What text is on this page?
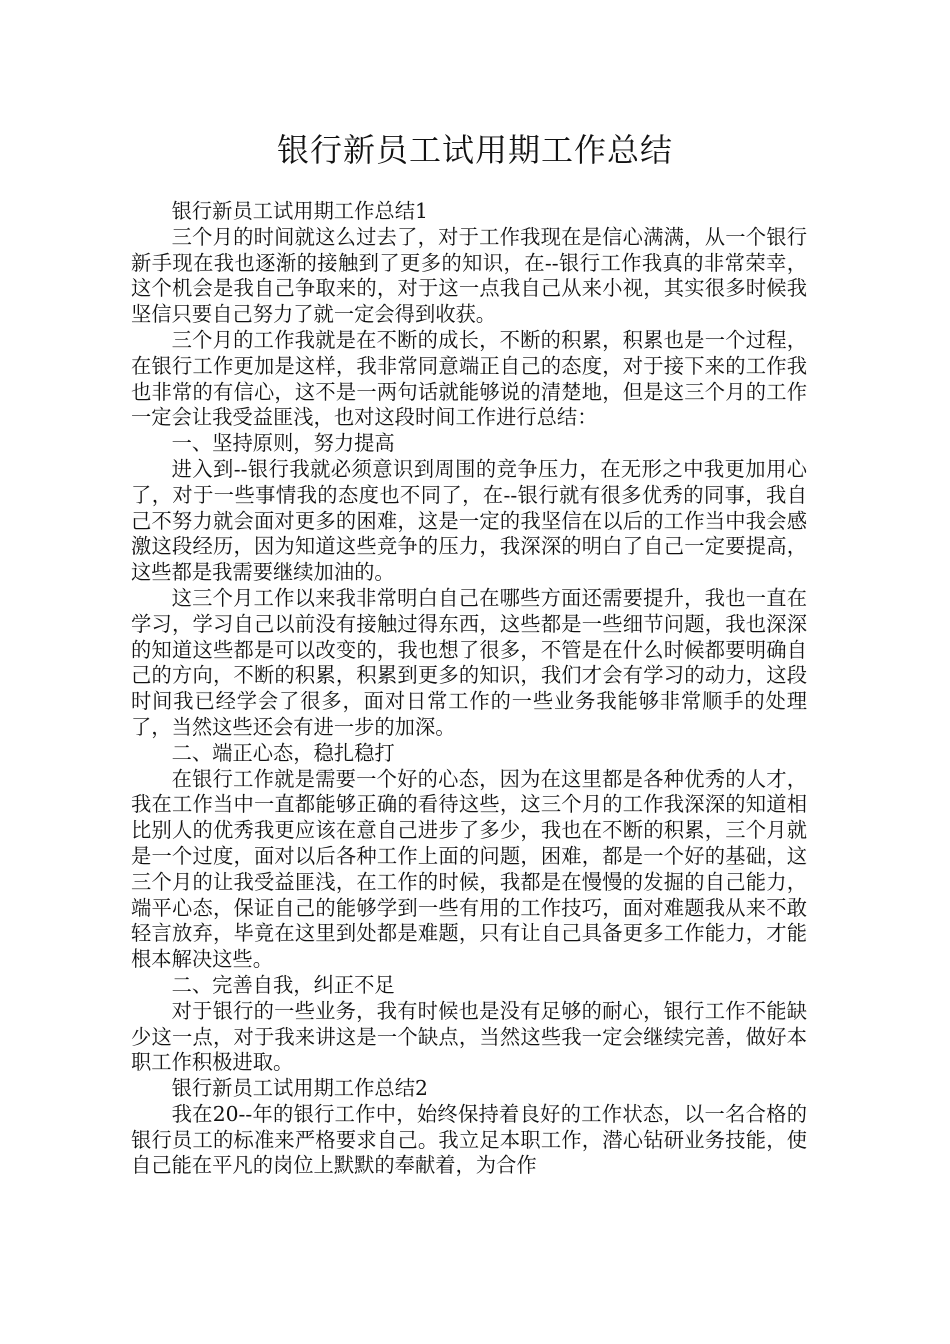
银行新员工试用期工作总结

银行新员工试用期工作总结1

三个月的时间就这么过去了，对于工作我现在是信心满满，从一个银行新手现在我也逐渐的接触到了更多的知识，在--银行工作我真的非常荣幸，这个机会是我自己争取来的，对于这一点我自己从来小视，其实很多时候我坚信只要自己努力了就一定会得到收获。

三个月的工作我就是在不断的成长，不断的积累，积累也是一个过程，在银行工作更加是这样，我非常同意端正自己的态度，对于接下来的工作我也非常的有信心，这不是一两句话就能够说的清楚地，但是这三个月的工作一定会让我受益匪浅，也对这段时间工作进行总结：

一、坚持原则，努力提高

进入到--银行我就必须意识到周围的竞争压力，在无形之中我更加用心了，对于一些事情我的态度也不同了，在--银行就有很多优秀的同事，我自己不努力就会面对更多的困难，这是一定的我坚信在以后的工作当中我会感激这段经历，因为知道这些竞争的压力，我深深的明白了自己一定要提高，这些都是我需要继续加油的。

这三个月工作以来我非常明白自己在哪些方面还需要提升，我也一直在学习，学习自己以前没有接触过得东西，这些都是一些细节问题，我也深深的知道这些都是可以改变的，我也想了很多，不管是在什么时候都要明确自己的方向，不断的积累，积累到更多的知识，我们才会有学习的动力，这段时间我已经学会了很多，面对日常工作的一些业务我能够非常顺手的处理了，当然这些还会有进一步的加深。

二、端正心态，稳扎稳打

在银行工作就是需要一个好的心态，因为在这里都是各种优秀的人才，我在工作当中一直都能够正确的看待这些，这三个月的工作我深深的知道相比别人的优秀我更应该在意自己进步了多少，我也在不断的积累，三个月就是一个过度，面对以后各种工作上面的问题，困难，都是一个好的基础，这三个月的让我受益匪浅，在工作的时候，我都是在慢慢的发掘的自己能力，端平心态，保证自己的能够学到一些有用的工作技巧，面对难题我从来不敢轻言放弃，毕竟在这里到处都是难题，只有让自己具备更多工作能力，才能根本解决这些。

二、完善自我，纠正不足

对于银行的一些业务，我有时候也是没有足够的耐心，银行工作不能缺少这一点，对于我来讲这是一个缺点，当然这些我一定会继续完善，做好本职工作积极进取。

银行新员工试用期工作总结2

我在20--年的银行工作中，始终保持着良好的工作状态，以一名合格的银行员工的标准来严格要求自己。我立足本职工作，潜心钻研业务技能，使自己能在平凡的岗位上默默的奉献着，为合作
